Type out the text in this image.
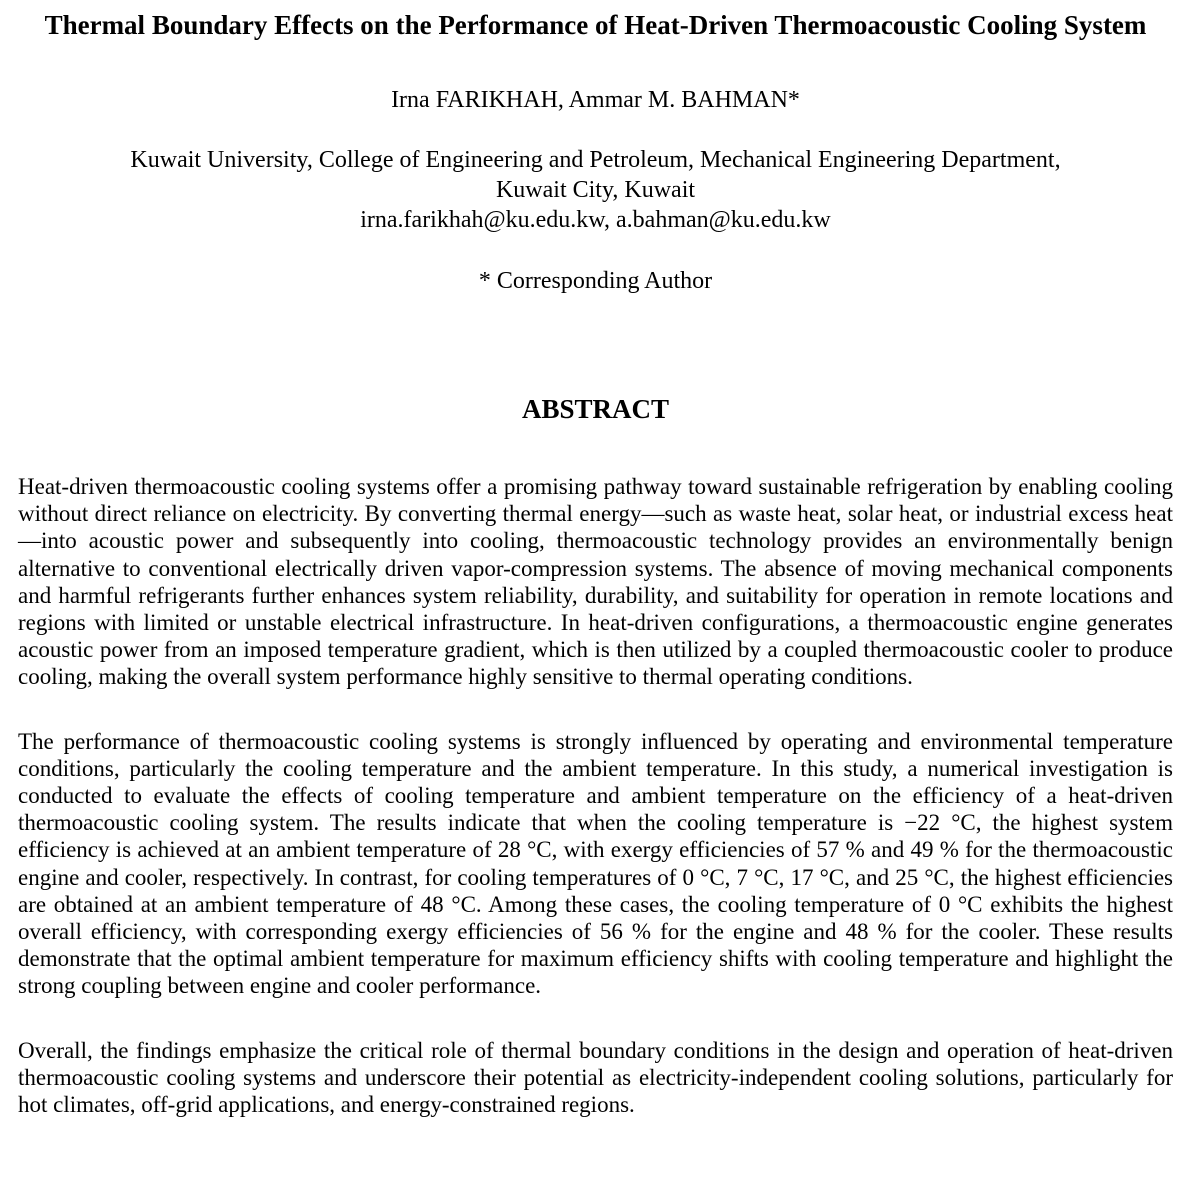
Thermal Boundary Effects on the Performance of Heat-Driven Thermoacoustic Cooling System
Irna FARIKHAH, Ammar M. BAHMAN*
Kuwait University, College of Engineering and Petroleum, Mechanical Engineering Department,
Kuwait City, Kuwait
irna.farikhah@ku.edu.kw, a.bahman@ku.edu.kw
* Corresponding Author
ABSTRACT

Heat-driven thermoacoustic cooling systems offer a promising pathway toward sustainable refrigeration by enabling cooling without direct reliance on electricity. By converting thermal energy—such as waste heat, solar heat, or industrial excess heat—into acoustic power and subsequently into cooling, thermoacoustic technology provides an environmentally benign alternative to conventional electrically driven vapor-compression systems. The absence of moving mechanical components and harmful refrigerants further enhances system reliability, durability, and suitability for operation in remote locations and regions with limited or unstable electrical infrastructure. In heat-driven configurations, a thermoacoustic engine generates acoustic power from an imposed temperature gradient, which is then utilized by a coupled thermoacoustic cooler to produce cooling, making the overall system performance highly sensitive to thermal operating conditions.

The performance of thermoacoustic cooling systems is strongly influenced by operating and environmental temperature conditions, particularly the cooling temperature and the ambient temperature. In this study, a numerical investigation is conducted to evaluate the effects of cooling temperature and ambient temperature on the efficiency of a heat-driven thermoacoustic cooling system. The results indicate that when the cooling temperature is −22 °C, the highest system efficiency is achieved at an ambient temperature of 28 °C, with exergy efficiencies of 57 % and 49 % for the thermoacoustic engine and cooler, respectively. In contrast, for cooling temperatures of 0 °C, 7 °C, 17 °C, and 25 °C, the highest efficiencies are obtained at an ambient temperature of 48 °C. Among these cases, the cooling temperature of 0 °C exhibits the highest overall efficiency, with corresponding exergy efficiencies of 56 % for the engine and 48 % for the cooler. These results demonstrate that the optimal ambient temperature for maximum efficiency shifts with cooling temperature and highlight the strong coupling between engine and cooler performance.

Overall, the findings emphasize the critical role of thermal boundary conditions in the design and operation of heat-driven thermoacoustic cooling systems and underscore their potential as electricity-independent cooling solutions, particularly for hot climates, off-grid applications, and energy-constrained regions.
